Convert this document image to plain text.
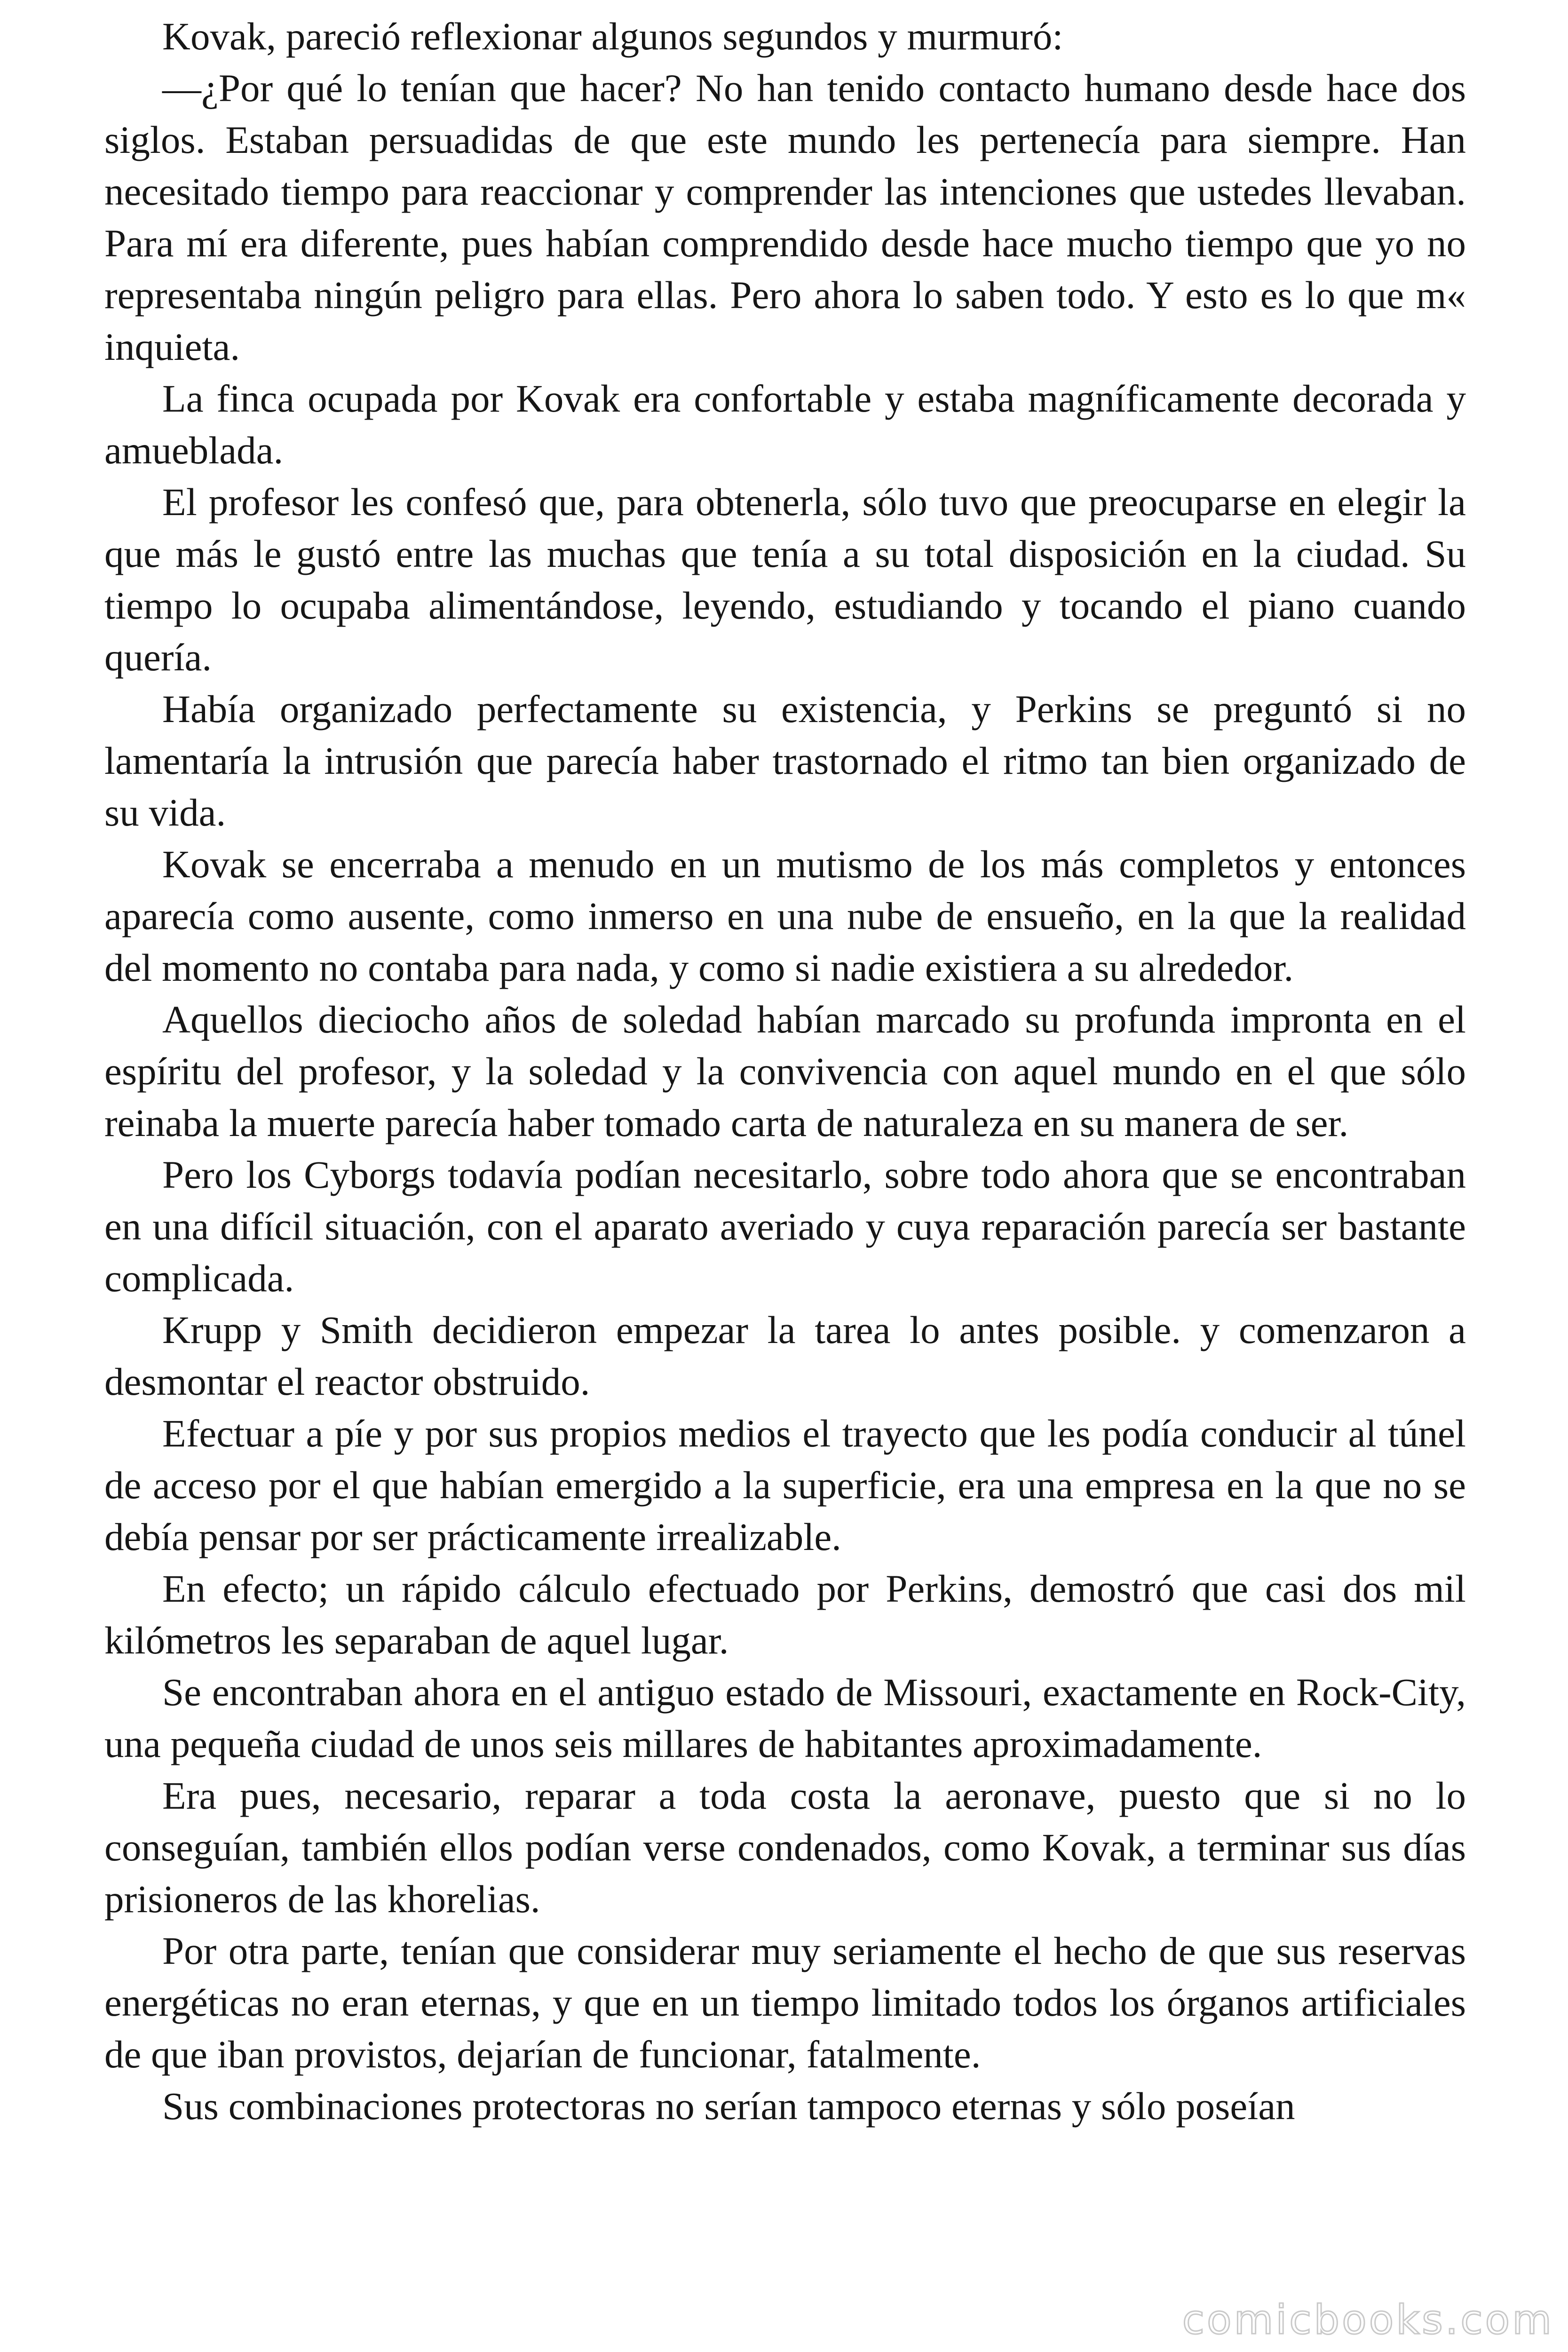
Kovak, pareció reflexionar algunos segundos y murmuró:

—¿Por qué lo tenían que hacer? No han tenido contacto humano desde hace dos siglos. Estaban persuadidas de que este mundo les pertenecía para siempre. Han necesitado tiempo para reaccionar y comprender las intenciones que ustedes llevaban. Para mí era diferente, pues habían comprendido desde hace mucho tiempo que yo no representaba ningún peligro para ellas. Pero ahora lo saben todo. Y esto es lo que m« inquieta.

La finca ocupada por Kovak era confortable y estaba magníficamente decorada y amueblada.

El profesor les confesó que, para obtenerla, sólo tuvo que preocuparse en elegir la que más le gustó entre las muchas que tenía a su total disposición en la ciudad. Su tiempo lo ocupaba alimentándose, leyendo, estudiando y tocando el piano cuando quería.

Había organizado perfectamente su existencia, y Perkins se preguntó si no lamentaría la intrusión que parecía haber trastornado el ritmo tan bien organizado de su vida.

Kovak se encerraba a menudo en un mutismo de los más completos y entonces aparecía como ausente, como inmerso en una nube de ensueño, en la que la realidad del momento no contaba para nada, y como si nadie existiera a su alrededor.

Aquellos dieciocho años de soledad habían marcado su profunda impronta en el espíritu del profesor, y la soledad y la convivencia con aquel mundo en el que sólo reinaba la muerte parecía haber tomado carta de naturaleza en su manera de ser.

Pero los Cyborgs todavía podían necesitarlo, sobre todo ahora que se encontraban en una difícil situación, con el aparato averiado y cuya reparación parecía ser bastante complicada.

Krupp y Smith decidieron empezar la tarea lo antes posible. y comenzaron a desmontar el reactor obstruido.

Efectuar a píe y por sus propios medios el trayecto que les podía conducir al túnel de acceso por el que habían emergido a la superficie, era una empresa en la que no se debía pensar por ser prácticamente irrealizable.

En efecto; un rápido cálculo efectuado por Perkins, demostró que casi dos mil kilómetros les separaban de aquel lugar.

Se encontraban ahora en el antiguo estado de Missouri, exactamente en Rock-City, una pequeña ciudad de unos seis millares de habitantes aproximadamente.

Era pues, necesario, reparar a toda costa la aeronave, puesto que si no lo conseguían, también ellos podían verse condenados, como Kovak, a terminar sus días prisioneros de las khorelias.

Por otra parte, tenían que considerar muy seriamente el hecho de que sus reservas energéticas no eran eternas, y que en un tiempo limitado todos los órganos artificiales de que iban provistos, dejarían de funcionar, fatalmente.

Sus combinaciones protectoras no serían tampoco eternas y sólo poseían

comicbooks.com
